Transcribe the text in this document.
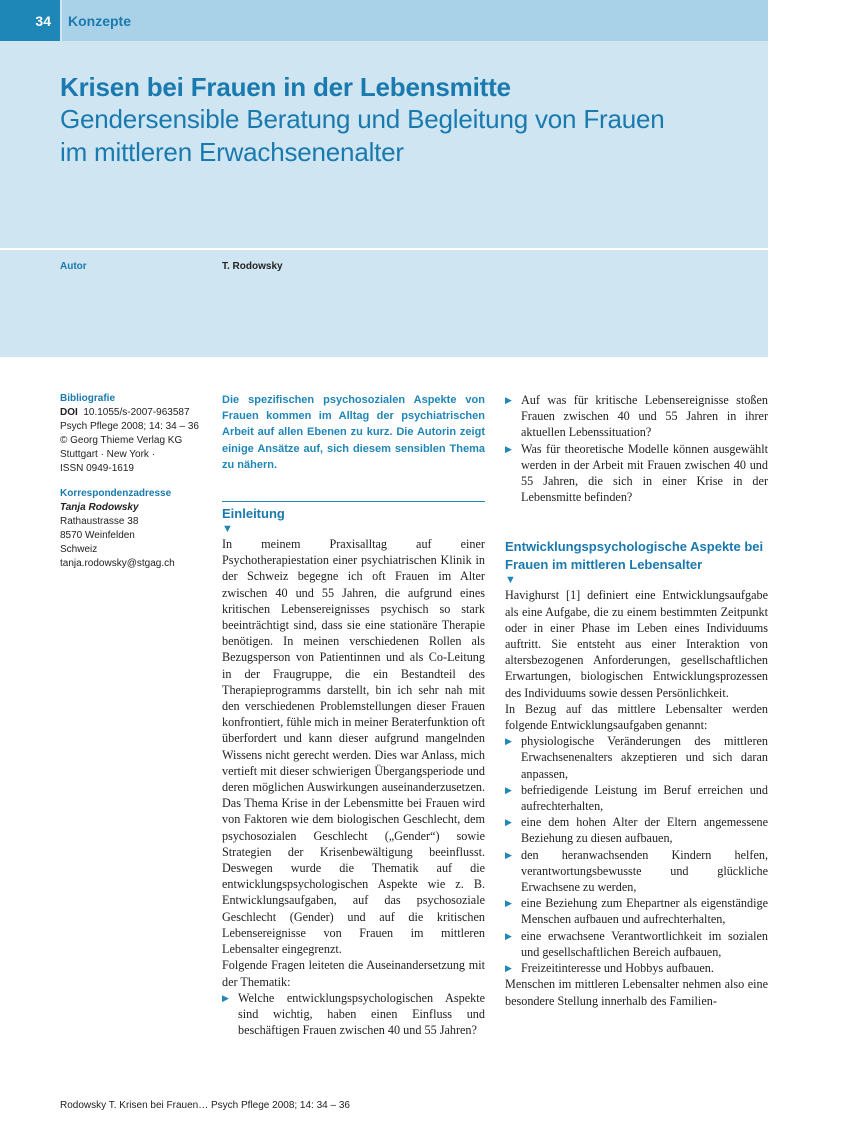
34	Konzepte
Krisen bei Frauen in der Lebensmitte
Gendersensible Beratung und Begleitung von Frauen
im mittleren Erwachsenenalter
Autor	T. Rodowsky
Bibliografie
DOI 10.1055/s-2007-963587
Psych Pflege 2008; 14: 34 – 36
© Georg Thieme Verlag KG
Stuttgart · New York ·
ISSN 0949-1619
Korrespondenzadresse
Tanja Rodowsky
Rathaustrasse 38
8570 Weinfelden
Schweiz
tanja.rodowsky@stgag.ch
Die spezifischen psychosozialen Aspekte von Frauen kommen im Alltag der psychiatrischen Arbeit auf allen Ebenen zu kurz. Die Autorin zeigt einige Ansätze auf, sich diesem sensiblen Thema zu nähern.
Einleitung
▼
In meinem Praxisalltag auf einer Psychotherapiestation einer psychiatrischen Klinik in der Schweiz begegne ich oft Frauen im Alter zwischen 40 und 55 Jahren, die aufgrund eines kritischen Lebensereignisses psychisch so stark beeinträchtigt sind, dass sie eine stationäre Therapie benötigen. In meinen verschiedenen Rollen als Bezugsperson von Patientinnen und als Co-Leitung in der Fraugruppe, die ein Bestandteil des Therapieprogramms darstellt, bin ich sehr nah mit den verschiedenen Problemstellungen dieser Frauen konfrontiert, fühle mich in meiner Beraterfunktion oft überfordert und kann dieser aufgrund mangelnden Wissens nicht gerecht werden. Dies war Anlass, mich vertieft mit dieser schwierigen Übergangsperiode und deren möglichen Auswirkungen auseinanderzusetzen. Das Thema Krise in der Lebensmitte bei Frauen wird von Faktoren wie dem biologischen Geschlecht, dem psychosozialen Geschlecht („Gender“) sowie Strategien der Krisenbewältigung beeinflusst. Deswegen wurde die Thematik auf die entwicklungspsychologischen Aspekte wie z. B. Entwicklungsaufgaben, auf das psychosoziale Geschlecht (Gender) und auf die kritischen Lebensereignisse von Frauen im mittleren Lebensalter eingegrenzt.
Folgende Fragen leiteten die Auseinandersetzung mit der Thematik:
▶ Welche entwicklungspsychologischen Aspekte sind wichtig, haben einen Einfluss und beschäftigen Frauen zwischen 40 und 55 Jahren?
▶ Auf was für kritische Lebensereignisse stoßen Frauen zwischen 40 und 55 Jahren in ihrer aktuellen Lebenssituation?
▶ Was für theoretische Modelle können ausgewählt werden in der Arbeit mit Frauen zwischen 40 und 55 Jahren, die sich in einer Krise in der Lebensmitte befinden?
Entwicklungspsychologische Aspekte bei Frauen im mittleren Lebensalter
▼
Havighurst [1] definiert eine Entwicklungsaufgabe als eine Aufgabe, die zu einem bestimmten Zeitpunkt oder in einer Phase im Leben eines Individuums auftritt. Sie entsteht aus einer Interaktion von altersbezogenen Anforderungen, gesellschaftlichen Erwartungen, biologischen Entwicklungsprozessen des Individuums sowie dessen Persönlichkeit.
In Bezug auf das mittlere Lebensalter werden folgende Entwicklungsaufgaben genannt:
▶ physiologische Veränderungen des mittleren Erwachsenenalters akzeptieren und sich daran anpassen,
▶ befriedigende Leistung im Beruf erreichen und aufrechterhalten,
▶ eine dem hohen Alter der Eltern angemessene Beziehung zu diesen aufbauen,
▶ den heranwachsenden Kindern helfen, verantwortungsbewusste und glückliche Erwachsene zu werden,
▶ eine Beziehung zum Ehepartner als eigenständige Menschen aufbauen und aufrechterhalten,
▶ eine erwachsene Verantwortlichkeit im sozialen und gesellschaftlichen Bereich aufbauen,
▶ Freizeitinteresse und Hobbys aufbauen.
Menschen im mittleren Lebensalter nehmen also eine besondere Stellung innerhalb des Familien-
Rodowsky T. Krisen bei Frauen… Psych Pflege 2008; 14: 34 – 36
